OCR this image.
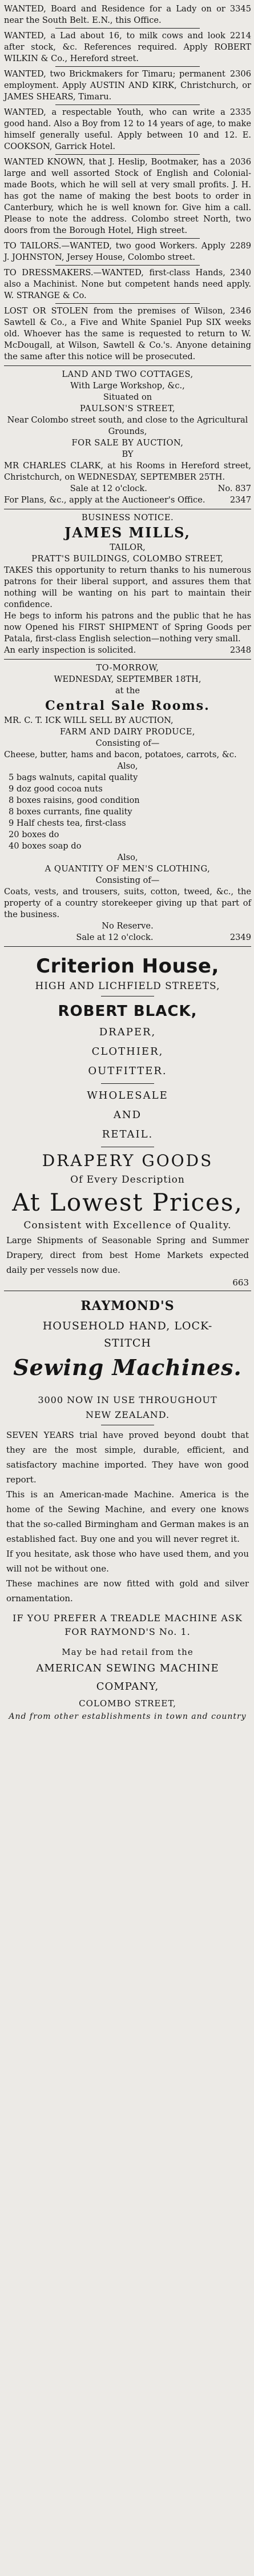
3345
WANTED, Board and Residence for a Lady on or near the South Belt. E.N., this Office.

2214
WANTED, a Lad about 16, to milk cows and look after stock, &c. References required. Apply ROBERT WILKIN & Co., Hereford street.

2306
WANTED, two Brickmakers for Timaru; permanent employment. Apply AUSTIN AND KIRK, Christchurch, or JAMES SHEARS, Timaru.

2335
WANTED, a respectable Youth, who can write a good hand. Also a Boy from 12 to 14 years of age, to make himself generally useful. Apply between 10 and 12. E. COOKSON, Garrick Hotel.

2036
WANTED KNOWN, that J. Heslip, Bootmaker, has a large and well assorted Stock of English and Colonial-made Boots, which he will sell at very small profits. J. H. has got the name of making the best boots to order in Canterbury, which he is well known for. Give him a call. Please to note the address. Colombo street North, two doors from the Borough Hotel, High street.

2289
TO TAILORS.—WANTED, two good Workers. Apply J. JOHNSTON, Jersey House, Colombo street.

2340
TO DRESSMAKERS.—WANTED, first-class Hands, also a Machinist. None but competent hands need apply. W. STRANGE & Co.

2346
LOST OR STOLEN from the premises of Wilson, Sawtell & Co., a Five and White Spaniel Pup SIX weeks old. Whoever has the same is requested to return to W. McDougall, at Wilson, Sawtell & Co.'s. Anyone detaining the same after this notice will be prosecuted.

LAND AND TWO COTTAGES,

With Large Workshop, &c.,

Situated on

PAULSON'S STREET,

Near Colombo street south, and close to the Agricultural Grounds,

FOR SALE BY AUCTION,

BY

MR CHARLES CLARK, at his Rooms in Hereford street, Christchurch, on WEDNESDAY, SEPTEMBER 25TH.

No. 837
Sale at 12 o'clock.

2347
For Plans, &c., apply at the Auctioneer's Office.

BUSINESS NOTICE.

JAMES MILLS,

TAILOR,

PRATT'S BUILDINGS, COLOMBO STREET,

TAKES this opportunity to return thanks to his numerous patrons for their liberal support, and assures them that nothing will be wanting on his part to maintain their confidence.

He begs to inform his patrons and the public that he has now Opened his FIRST SHIPMENT of Spring Goods per Patala, first-class English selection—nothing very small.

2348
An early inspection is solicited.

TO-MORROW,

WEDNESDAY, SEPTEMBER 18TH,

at the

Central Sale Rooms.

MR. C. T. ICK WILL SELL BY AUCTION,

FARM AND DAIRY PRODUCE,

Consisting of—

Cheese, butter, hams and bacon, potatoes, carrots, &c.

Also,

5 bags walnuts, capital quality

9 doz good cocoa nuts

8 boxes raisins, good condition

8 boxes currants, fine quality

9 Half chests tea, first-class

20 boxes do

40 boxes soap do

Also,

A QUANTITY OF MEN'S CLOTHING,

Consisting of—

Coats, vests, and trousers, suits, cotton, tweed, &c., the property of a country storekeeper giving up that part of the business.

No Reserve.

2349
Sale at 12 o'clock.

Criterion House,
HIGH AND LICHFIELD STREETS,
ROBERT BLACK,
DRAPER,
CLOTHIER,
OUTFITTER.
WHOLESALE
AND
RETAIL.
DRAPERY GOODS
Of Every Description
At Lowest Prices,
Consistent with Excellence of Quality.
Large Shipments of Seasonable Spring and Summer Drapery, direct from best Home Markets expected daily per vessels now due.
663
RAYMOND'S
HOUSEHOLD HAND, LOCK-
STITCH
Sewing Machines.
3000 NOW IN USE THROUGHOUT
NEW ZEALAND.
SEVEN YEARS trial have proved beyond doubt that they are the most simple, durable, efficient, and satisfactory machine imported. They have won good report.
This is an American-made Machine. America is the home of the Sewing Machine, and every one knows that the so-called Birmingham and German makes is an established fact. Buy one and you will never regret it.
If you hesitate, ask those who have used them, and you will not be without one.
These machines are now fitted with gold and silver ornamentation.
IF YOU PREFER A TREADLE MACHINE ASK FOR RAYMOND'S No. 1.
May be had retail from the
AMERICAN SEWING MACHINE
COMPANY,
COLOMBO STREET,
And from other establishments in town and country
